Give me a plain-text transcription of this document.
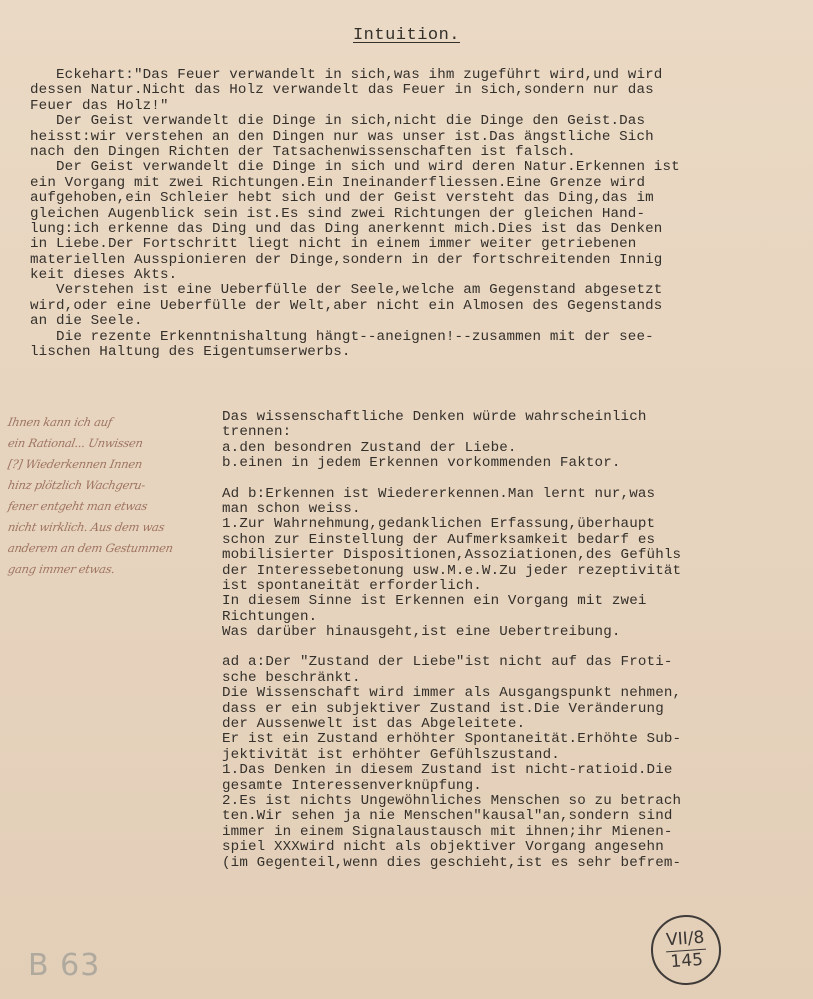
Intuition.
Eckehart:"Das Feuer verwandelt in sich,was ihm zugeführt wird,und wird
dessen Natur.Nicht das Holz verwandelt das Feuer in sich,sondern nur das
Feuer das Holz!"
Der Geist verwandelt die Dinge in sich,nicht die Dinge den Geist.Das
heisst:wir verstehen an den Dingen nur was unser ist.Das ängstliche Sich
nach den Dingen Richten der Tatsachenwissenschaften ist falsch.
Der Geist verwandelt die Dinge in sich und wird deren Natur.Erkennen ist
ein Vorgang mit zwei Richtungen.Ein Ineinanderfliessen.Eine Grenze wird
aufgehoben,ein Schleier hebt sich und der Geist versteht das Ding,das im
gleichen Augenblick sein ist.Es sind zwei Richtungen der gleichen Hand-
lung:ich erkenne das Ding und das Ding anerkennt mich.Dies ist das Denken
in Liebe.Der Fortschritt liegt nicht in einem immer weiter getriebenen
materiellen Ausspionieren der Dinge,sondern in der fortschreitenden Innig
keit dieses Akts.
Verstehen ist eine Ueberfülle der Seele,welche am Gegenstand abgesetzt
wird,oder eine Ueberfülle der Welt,aber nicht ein Almosen des Gegenstands
an die Seele.
Die rezente Erkenntnishaltung hängt--aneignen!--zusammen mit der see-
lischen Haltung des Eigentumserwerbs.
Ihnen kann ich auf
ein Rational... Unwissen
[?] Wiederkennen Innen
hinz plötzlich Wachgeru-
fener entgeht man etwas
nicht wirklich. Aus dem was
anderem an dem Gestummen
gang immer etwas.
Das wissenschaftliche Denken würde wahrscheinlich
trennen:
a.den besondren Zustand der Liebe.
b.einen in jedem Erkennen vorkommenden Faktor.
Ad b:Erkennen ist Wiedererkennen.Man lernt nur,was
man schon weiss.
1.Zur Wahrnehmung,gedanklichen Erfassung,überhaupt
schon zur Einstellung der Aufmerksamkeit bedarf es
mobilisierter Dispositionen,Assoziationen,des Gefühls
der Interessebetonung usw.M.e.W.Zu jeder rezeptivität
ist spontaneität erforderlich.
In diesem Sinne ist Erkennen ein Vorgang mit zwei
Richtungen.
Was darüber hinausgeht,ist eine Uebertreibung.
ad a:Der "Zustand der Liebe"ist nicht auf das Froti-
sche beschränkt.
Die Wissenschaft wird immer als Ausgangspunkt nehmen,
dass er ein subjektiver Zustand ist.Die Veränderung
der Aussenwelt ist das Abgeleitete.
Er ist ein Zustand erhöhter Spontaneität.Erhöhte Sub-
jektivität ist erhöhter Gefühlszustand.
1.Das Denken in diesem Zustand ist nicht-ratioid.Die
gesamte Interessenverknüpfung.
2.Es ist nichts Ungewöhnliches Menschen so zu betrach
ten.Wir sehen ja nie Menschen"kausal"an,sondern sind
immer in einem Signalaustausch mit ihnen;ihr Mienen-
spiel XXXwird nicht als objektiver Vorgang angesehn
(im Gegenteil,wenn dies geschieht,ist es sehr befrem-
B 63
VII/8
145
